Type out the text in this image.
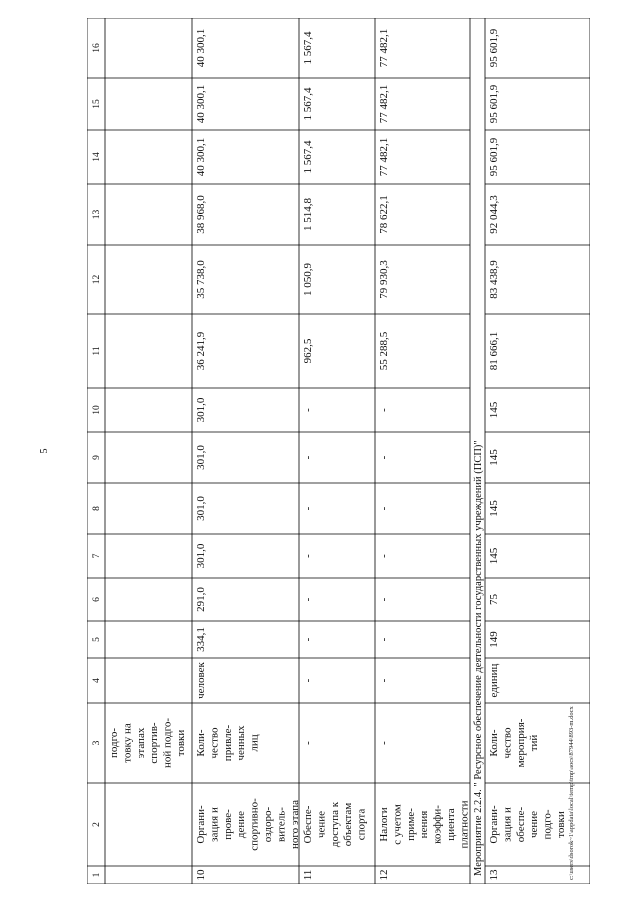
5
1
2
3
4
5
6
7
8
9
10
11
12
13
14
15
16
подго- товку на этапах спортив- ной подго- товки
10
Органи- зация и прове- дение спортивно- оздоро- витель- ного этапа
Коли- чество привле- ченных лиц
человек
334,1
291,0
301,0
301,0
301,0
301,0
36 241,9
35 738,0
38 968,0
40 300,1
40 300,1
40 300,1
11
Обеспе- чение доступа к объектам спорта
-
-
-
-
-
-
-
-
962,5
1 050,9
1 514,8
1 567,4
1 567,4
1 567,4
12
Налоги с учетом приме- нения коэффи- циента платности
-
-
-
-
-
-
-
-
55 288,5
79 930,3
78 622,1
77 482,1
77 482,1
77 482,1
Мероприятие 2.2.4. " Ресурсное обеспечение деятельности государственных учреждений (ПСП)" 13
Органи- зация и обеспе- чение подго- товки
Коли- чество мероприя- тий
единиц
149
75
145
145
145
145
81 666,1
83 438,9
92 044,3
95 601,9
95 601,9
95 601,9
c:\users\dsorok~1\appdata\local\temp\tmp\aocs\87944\893-m.docx
